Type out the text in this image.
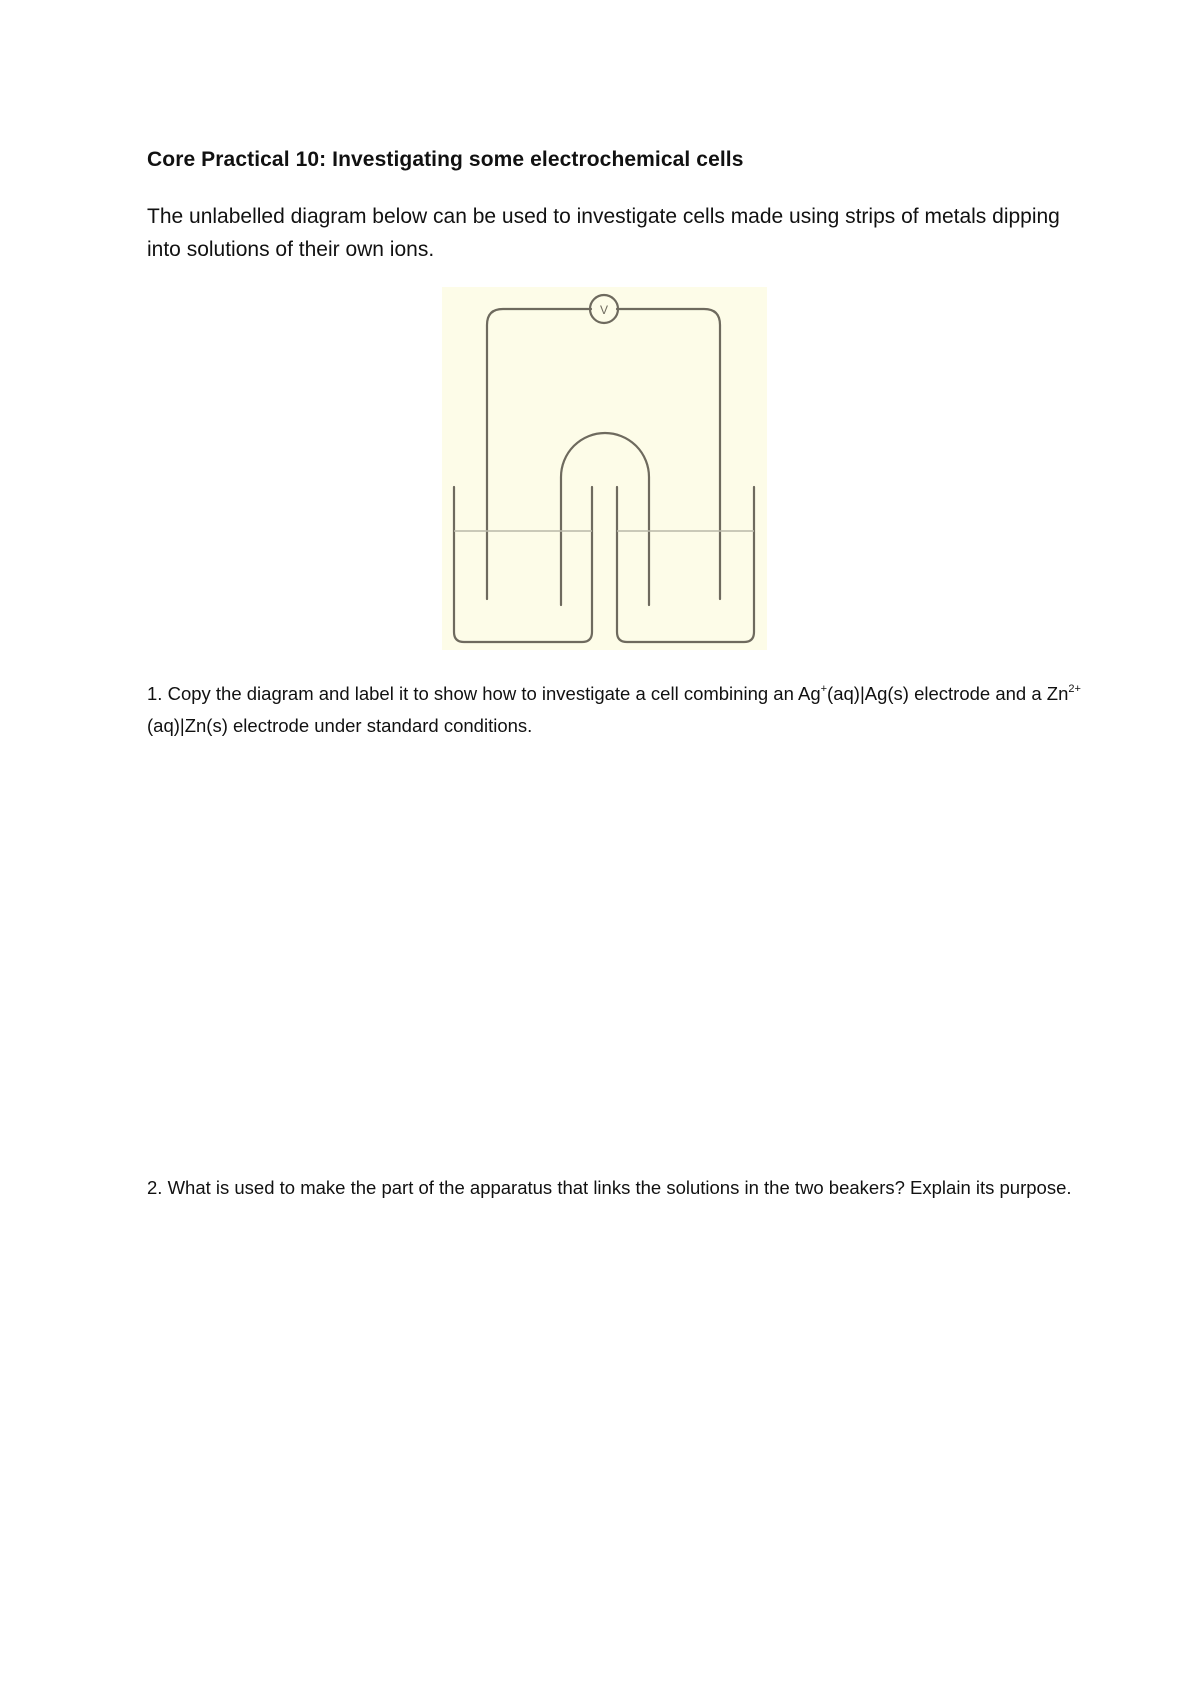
Core Practical 10: Investigating some electrochemical cells
The unlabelled diagram below can be used to investigate cells made using strips of metals dipping into solutions of their own ions.
V
1. Copy the diagram and label it to show how to investigate a cell combining an Ag+(aq)|Ag(s) electrode and a $Zn^{2+}(aq)|Zn(s)$ electrode under standard conditions.
2. What is used to make the part of the apparatus that links the solutions in the two beakers? Explain its purpose.
